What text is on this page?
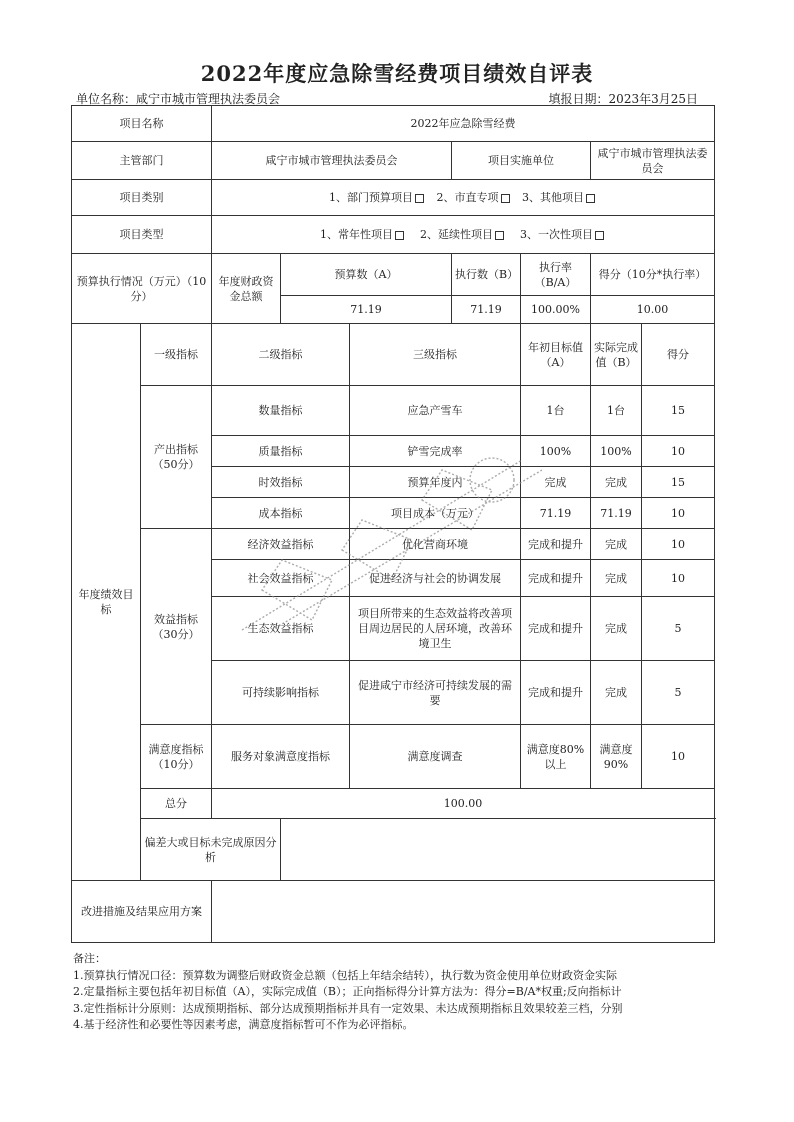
2022年度应急除雪经费项目绩效自评表
单位名称：咸宁市城市管理执法委员会	填报日期：2023年3月25日
项目名称		2022年应急除雪经费						
主管部门		咸宁市城市管理执法委员会			项目实施单位		咸宁市城市管理执法委员会	
项目类别		1、部门预算项目 2、市直专项 3、其他项目						
项目类型		1、常年性项目 2、延续性项目 3、一次性项目						
预算执行情况（万元）（10分）		年度财政资金总额	预算数（A）		执行数（B）	执行率（B/A）	得分（10分*执行率）	
			71.19		71.19	100.00%	10.00	
年度绩效目标	一级指标	二级指标		三级指标		年初目标值（A）	实际完成值（B）	得分
	产出指标（50分）	数量指标		应急产雪车		1台	1台	15
		质量指标		铲雪完成率		100%	100%	10
		时效指标		预算年度内		完成	完成	15
		成本指标		项目成本（万元）		71.19	71.19	10
	效益指标（30分）	经济效益指标		优化营商环境		完成和提升	完成	10
		社会效益指标		促进经济与社会的协调发展		完成和提升	完成	10
		生态效益指标		项目所带来的生态效益将改善项目周边居民的人居环境，改善环境卫生		完成和提升	完成	5
		可持续影响指标		促进咸宁市经济可持续发展的需要		完成和提升	完成	5
	满意度指标（10分）	服务对象满意度指标		满意度调查		满意度80%以上	满意度90%	10
	总分	100.00						
	偏差大或目标未完成原因分析							
改进措施及结果应用方案								
备注：
1.预算执行情况口径：预算数为调整后财政资金总额（包括上年结余结转），执行数为资金使用单位财政资金实际
2.定量指标主要包括年初目标值（A），实际完成值（B）；正向指标得分计算方法为：得分=B/A*权重;反向指标计
3.定性指标计分原则：达成预期指标、部分达成预期指标并具有一定效果、未达成预期指标且效果较差三档，分别
4.基于经济性和必要性等因素考虑，满意度指标暂可不作为必评指标。
